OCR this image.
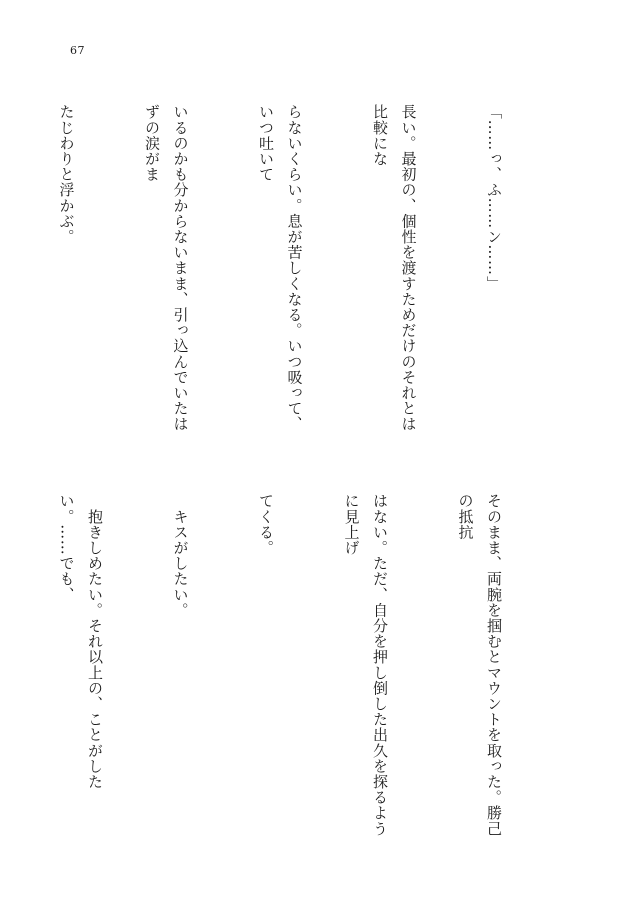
67

「……っ、ふ……ン……」

長い。最初の、個性を渡すためだけのそれとは比較にな

らないくらい。息が苦しくなる。いつ吸って、いつ吐いて

いるのかも分からないまま、引っ込んでいたはずの涙がま

たじわりと浮かぶ。

そのまま、両腕を掴むとマウントを取った。勝己の抵抗

はない。ただ、自分を押し倒した出久を探るように見上げ

てくる。

　キスがしたい。

　抱きしめたい。それ以上の、ことがしたい。……でも、
